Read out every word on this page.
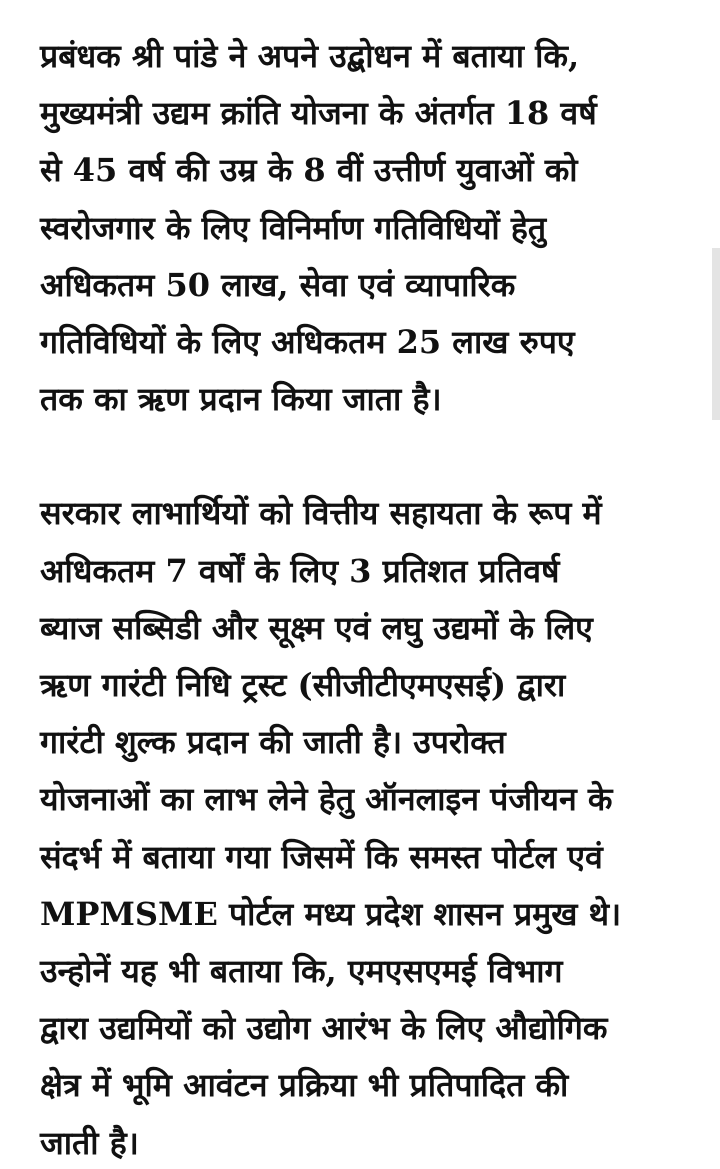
प्रबंधक श्री पांडे ने अपने उद्बोधन में बताया कि,
मुख्यमंत्री उद्यम क्रांति योजना के अंतर्गत 18 वर्ष
से 45 वर्ष की उम्र के 8 वीं उत्तीर्ण युवाओं को
स्वरोजगार के लिए विनिर्माण गतिविधियों हेतु
अधिकतम 50 लाख, सेवा एवं व्यापारिक
गतिविधियों के लिए अधिकतम 25 लाख रुपए
तक का ऋण प्रदान किया जाता है।

सरकार लाभार्थियों को वित्तीय सहायता के रूप में
अधिकतम 7 वर्षों के लिए 3 प्रतिशत प्रतिवर्ष
ब्याज सब्सिडी और सूक्ष्म एवं लघु उद्यमों के लिए
ऋण गारंटी निधि ट्रस्ट (सीजीटीएमएसई) द्वारा
गारंटी शुल्क प्रदान की जाती है। उपरोक्त
योजनाओं का लाभ लेने हेतु ऑनलाइन पंजीयन के
संदर्भ में बताया गया जिसमें कि समस्त पोर्टल एवं
MPMSME पोर्टल मध्य प्रदेश शासन प्रमुख थे।
उन्होनें यह भी बताया कि, एमएसएमई विभाग
द्वारा उद्यमियों को उद्योग आरंभ के लिए औद्योगिक
क्षेत्र में भूमि आवंटन प्रक्रिया भी प्रतिपादित की
जाती है।
